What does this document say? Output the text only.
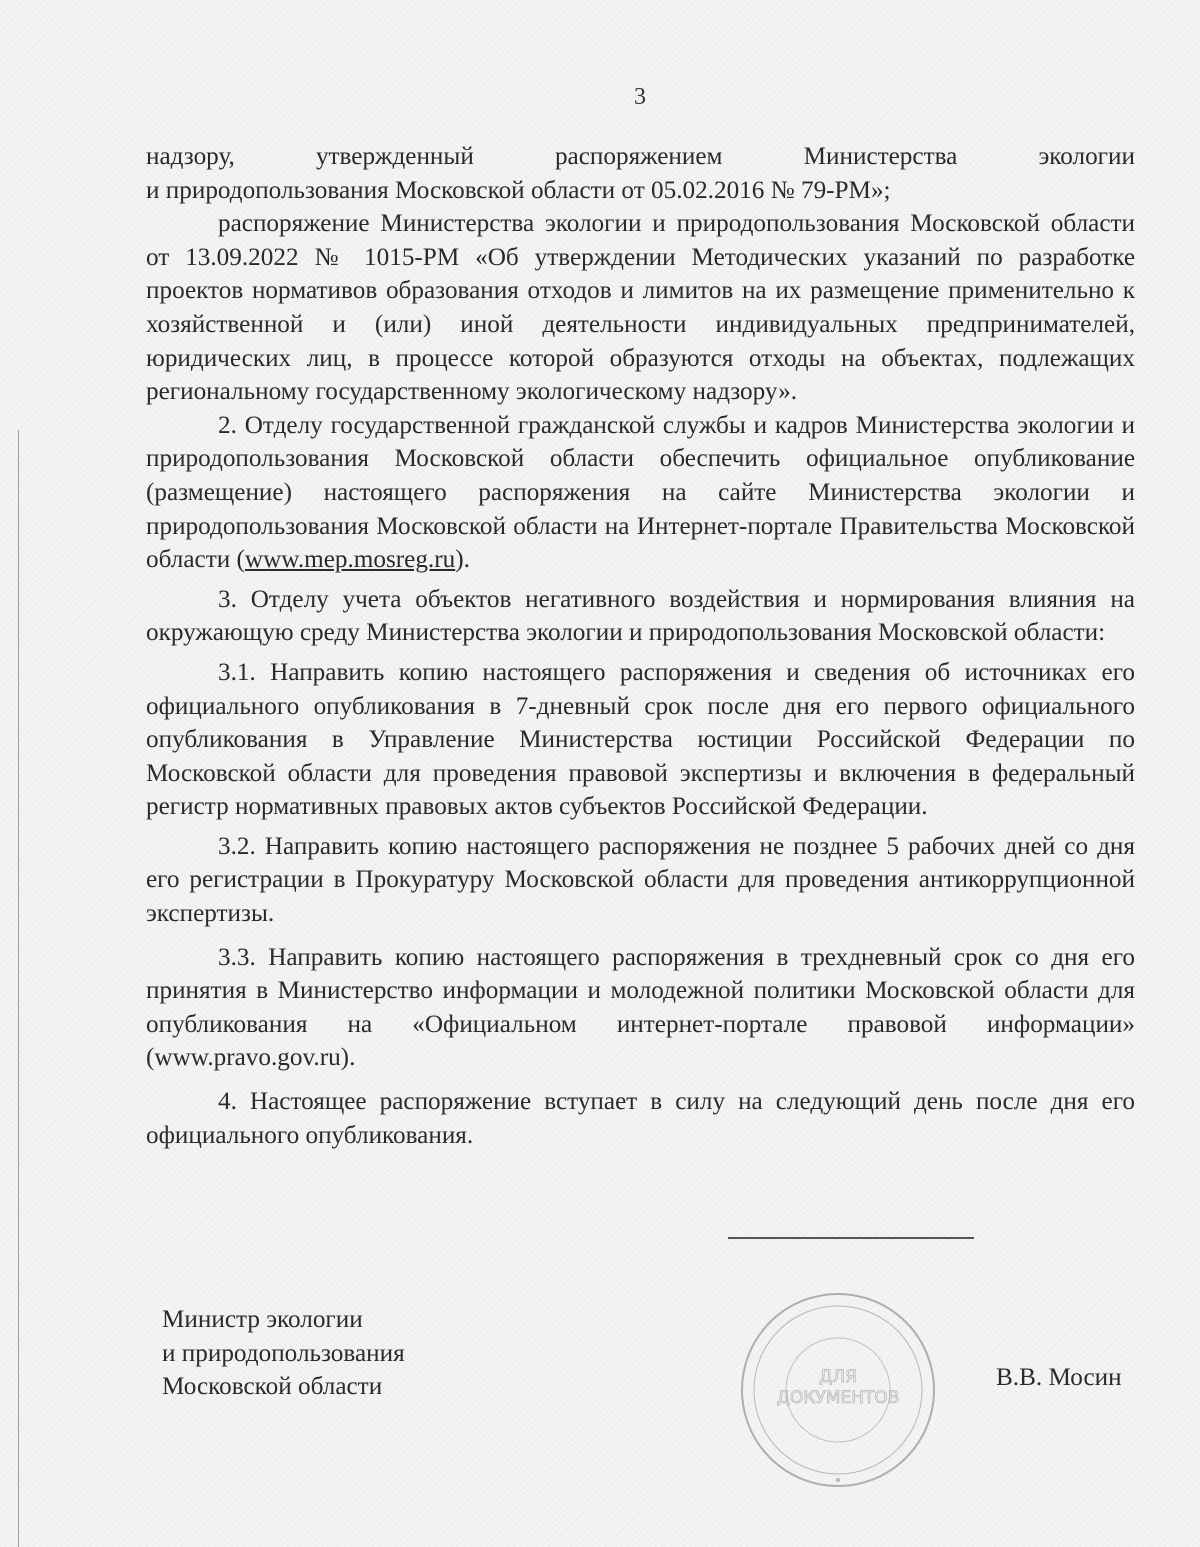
3
надзору,	утвержденный	распоряжением	Министерства	экологии

и природопользования Московской области от 05.02.2016 № 79-РМ»;

распоряжение Министерства экологии и природопользования Московской области от 13.09.2022 № 1015-РМ «Об утверждении Методических указаний по разработке проектов нормативов образования отходов и лимитов на их размещение применительно к хозяйственной и (или) иной деятельности индивидуальных предпринимателей, юридических лиц, в процессе которой образуются отходы на объектах, подлежащих региональному государственному экологическому надзору».

2. Отделу государственной гражданской службы и кадров Министерства экологии и природопользования Московской области обеспечить официальное опубликование (размещение) настоящего распоряжения на сайте Министерства экологии и природопользования Московской области на Интернет-портале Правительства Московской области (www.mep.mosreg.ru).

3. Отделу учета объектов негативного воздействия и нормирования влияния на окружающую среду Министерства экологии и природопользования Московской области:

3.1. Направить копию настоящего распоряжения и сведения об источниках его официального опубликования в 7-дневный срок после дня его первого официального опубликования в Управление Министерства юстиции Российской Федерации по Московской области для проведения правовой экспертизы и включения в федеральный регистр нормативных правовых актов субъектов Российской Федерации.

3.2. Направить копию настоящего распоряжения не позднее 5 рабочих дней со дня его регистрации в Прокуратуру Московской области для проведения антикоррупционной экспертизы.

3.3. Направить копию настоящего распоряжения в трехдневный срок со дня его принятия в Министерство информации и молодежной политики Московской области для опубликования на «Официальном интернет-портале правовой информации» (www.pravo.gov.ru).

4. Настоящее распоряжение вступает в силу на следующий день после дня его официального опубликования.

Министр экологии
и природопользования
Московской области	ДЛЯ
ДОКУМЕНТОВ
В.В. Мосин
